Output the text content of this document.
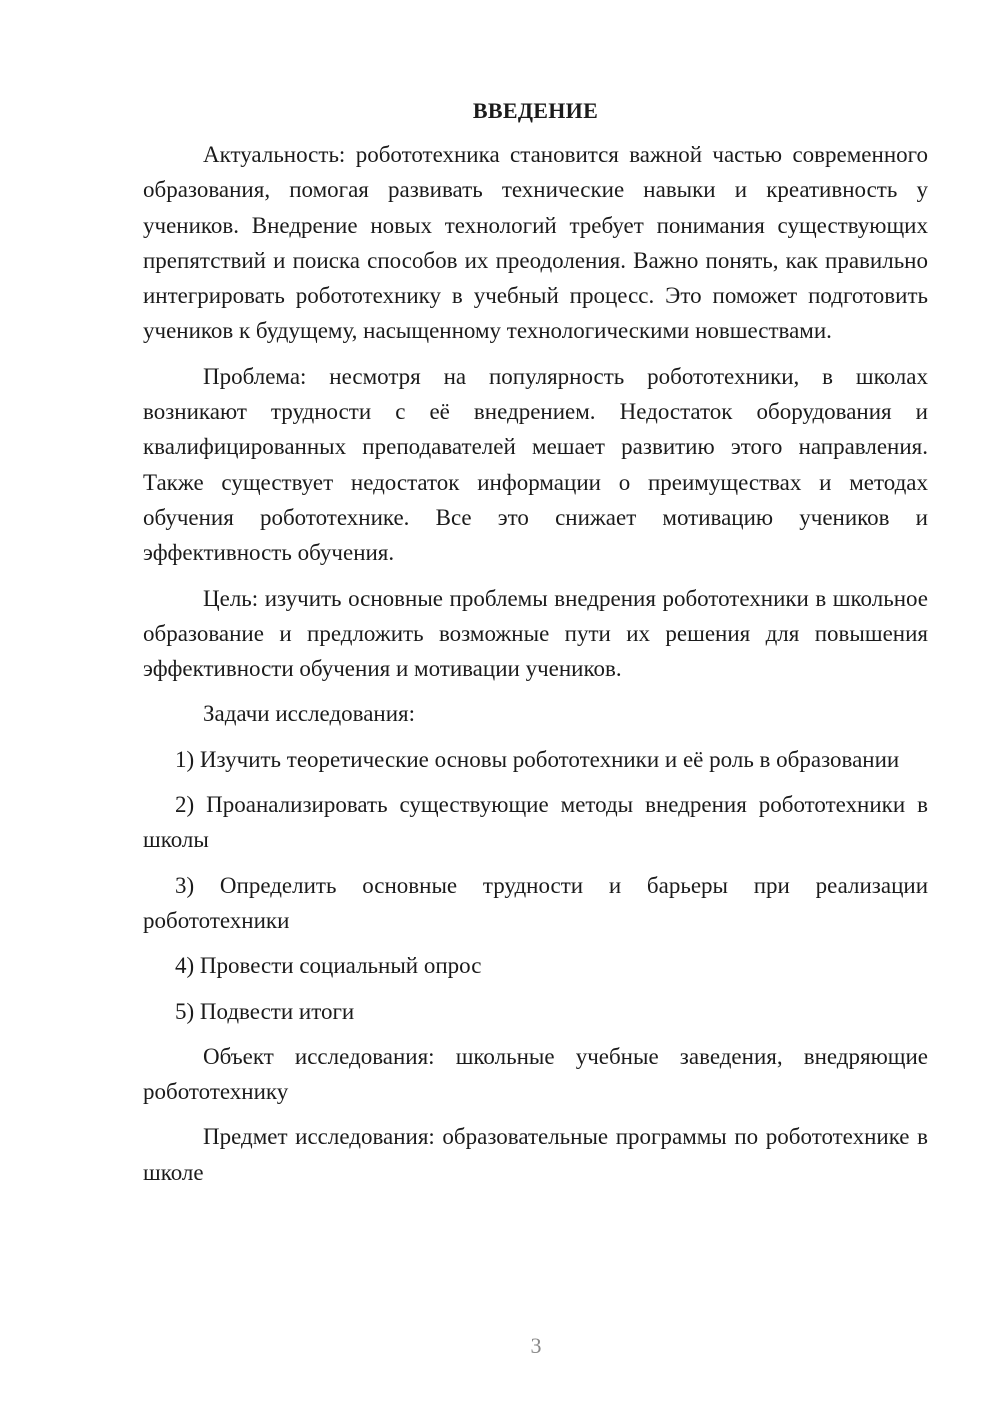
ВВЕДЕНИЕ

Актуальность: робототехника становится важной частью современного образования, помогая развивать технические навыки и креативность у учеников. Внедрение новых технологий требует понимания существующих препятствий и поиска способов их преодоления. Важно понять, как правильно интегрировать робототехнику в учебный процесс. Это поможет подготовить учеников к будущему, насыщенному технологическими новшествами.

Проблема: несмотря на популярность робототехники, в школах возникают трудности с её внедрением. Недостаток оборудования и квалифицированных преподавателей мешает развитию этого направления. Также существует недостаток информации о преимуществах и методах обучения робототехнике. Все это снижает мотивацию учеников и эффективность обучения.

Цель: изучить основные проблемы внедрения робототехники в школьное образование и предложить возможные пути их решения для повышения эффективности обучения и мотивации учеников.

Задачи исследования:

1) Изучить теоретические основы робототехники и её роль в образовании

2) Проанализировать существующие методы внедрения робототехники в школы

3) Определить основные трудности и барьеры при реализации робототехники

4) Провести социальный опрос

5) Подвести итоги

Объект исследования: школьные учебные заведения, внедряющие робототехнику

Предмет исследования: образовательные программы по робототехнике в школе

3
